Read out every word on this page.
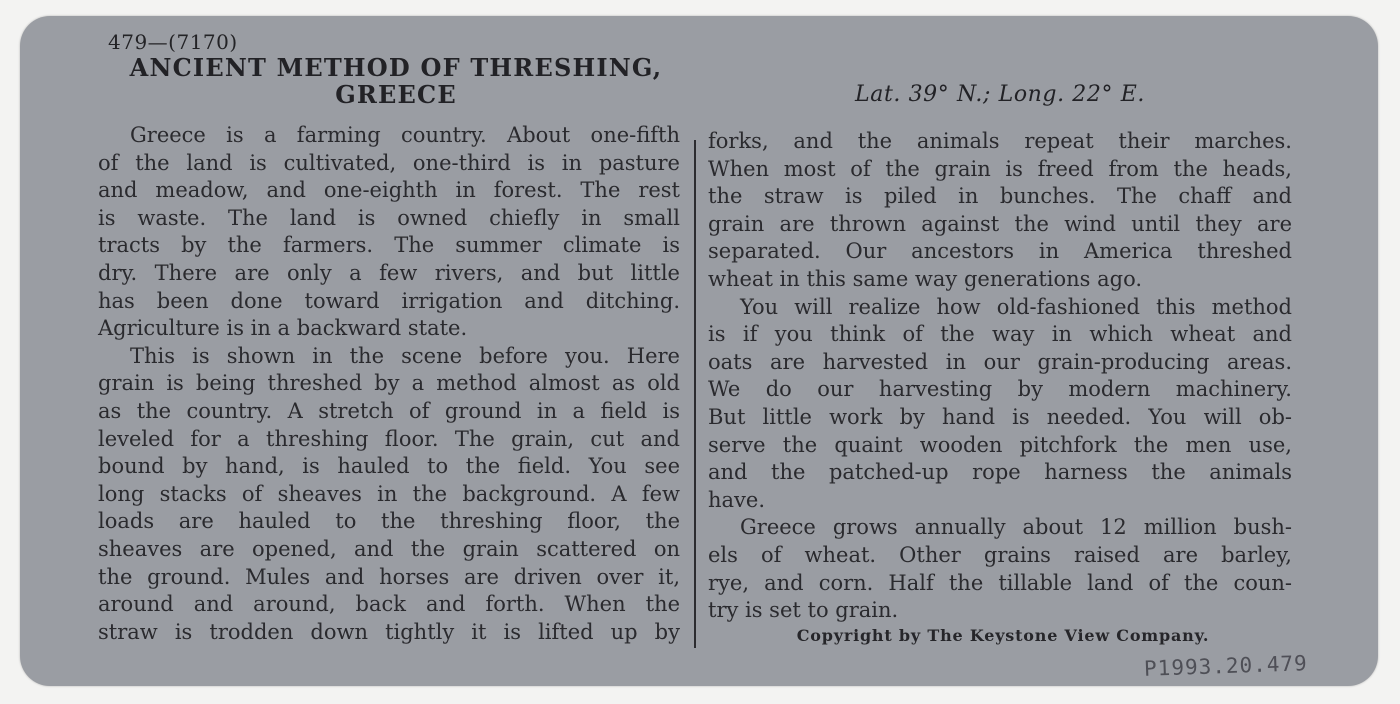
479—(7170)
ANCIENT METHOD OF THRESHING,
GREECE	Lat. 39° N.; Long. 22° E.
Greece is a farming country. About one-fifth
of the land is cultivated, one-third is in pasture
and meadow, and one-eighth in forest. The rest
is waste. The land is owned chiefly in small
tracts by the farmers. The summer climate is
dry. There are only a few rivers, and but little
has been done toward irrigation and ditching.
Agriculture is in a backward state.
This is shown in the scene before you. Here
grain is being threshed by a method almost as old
as the country. A stretch of ground in a field is
leveled for a threshing floor. The grain, cut and
bound by hand, is hauled to the field. You see
long stacks of sheaves in the background. A few
loads are hauled to the threshing floor, the
sheaves are opened, and the grain scattered on
the ground. Mules and horses are driven over it,
around and around, back and forth. When the
straw is trodden down tightly it is lifted up by
forks, and the animals repeat their marches.
When most of the grain is freed from the heads,
the straw is piled in bunches. The chaff and
grain are thrown against the wind until they are
separated. Our ancestors in America threshed
wheat in this same way generations ago.
You will realize how old-fashioned this method
is if you think of the way in which wheat and
oats are harvested in our grain-producing areas.
We do our harvesting by modern machinery.
But little work by hand is needed. You will ob-
serve the quaint wooden pitchfork the men use,
and the patched-up rope harness the animals
have.
Greece grows annually about 12 million bush-
els of wheat. Other grains raised are barley,
rye, and corn. Half the tillable land of the coun-
try is set to grain.
Copyright by The Keystone View Company.
P1993.20.479
